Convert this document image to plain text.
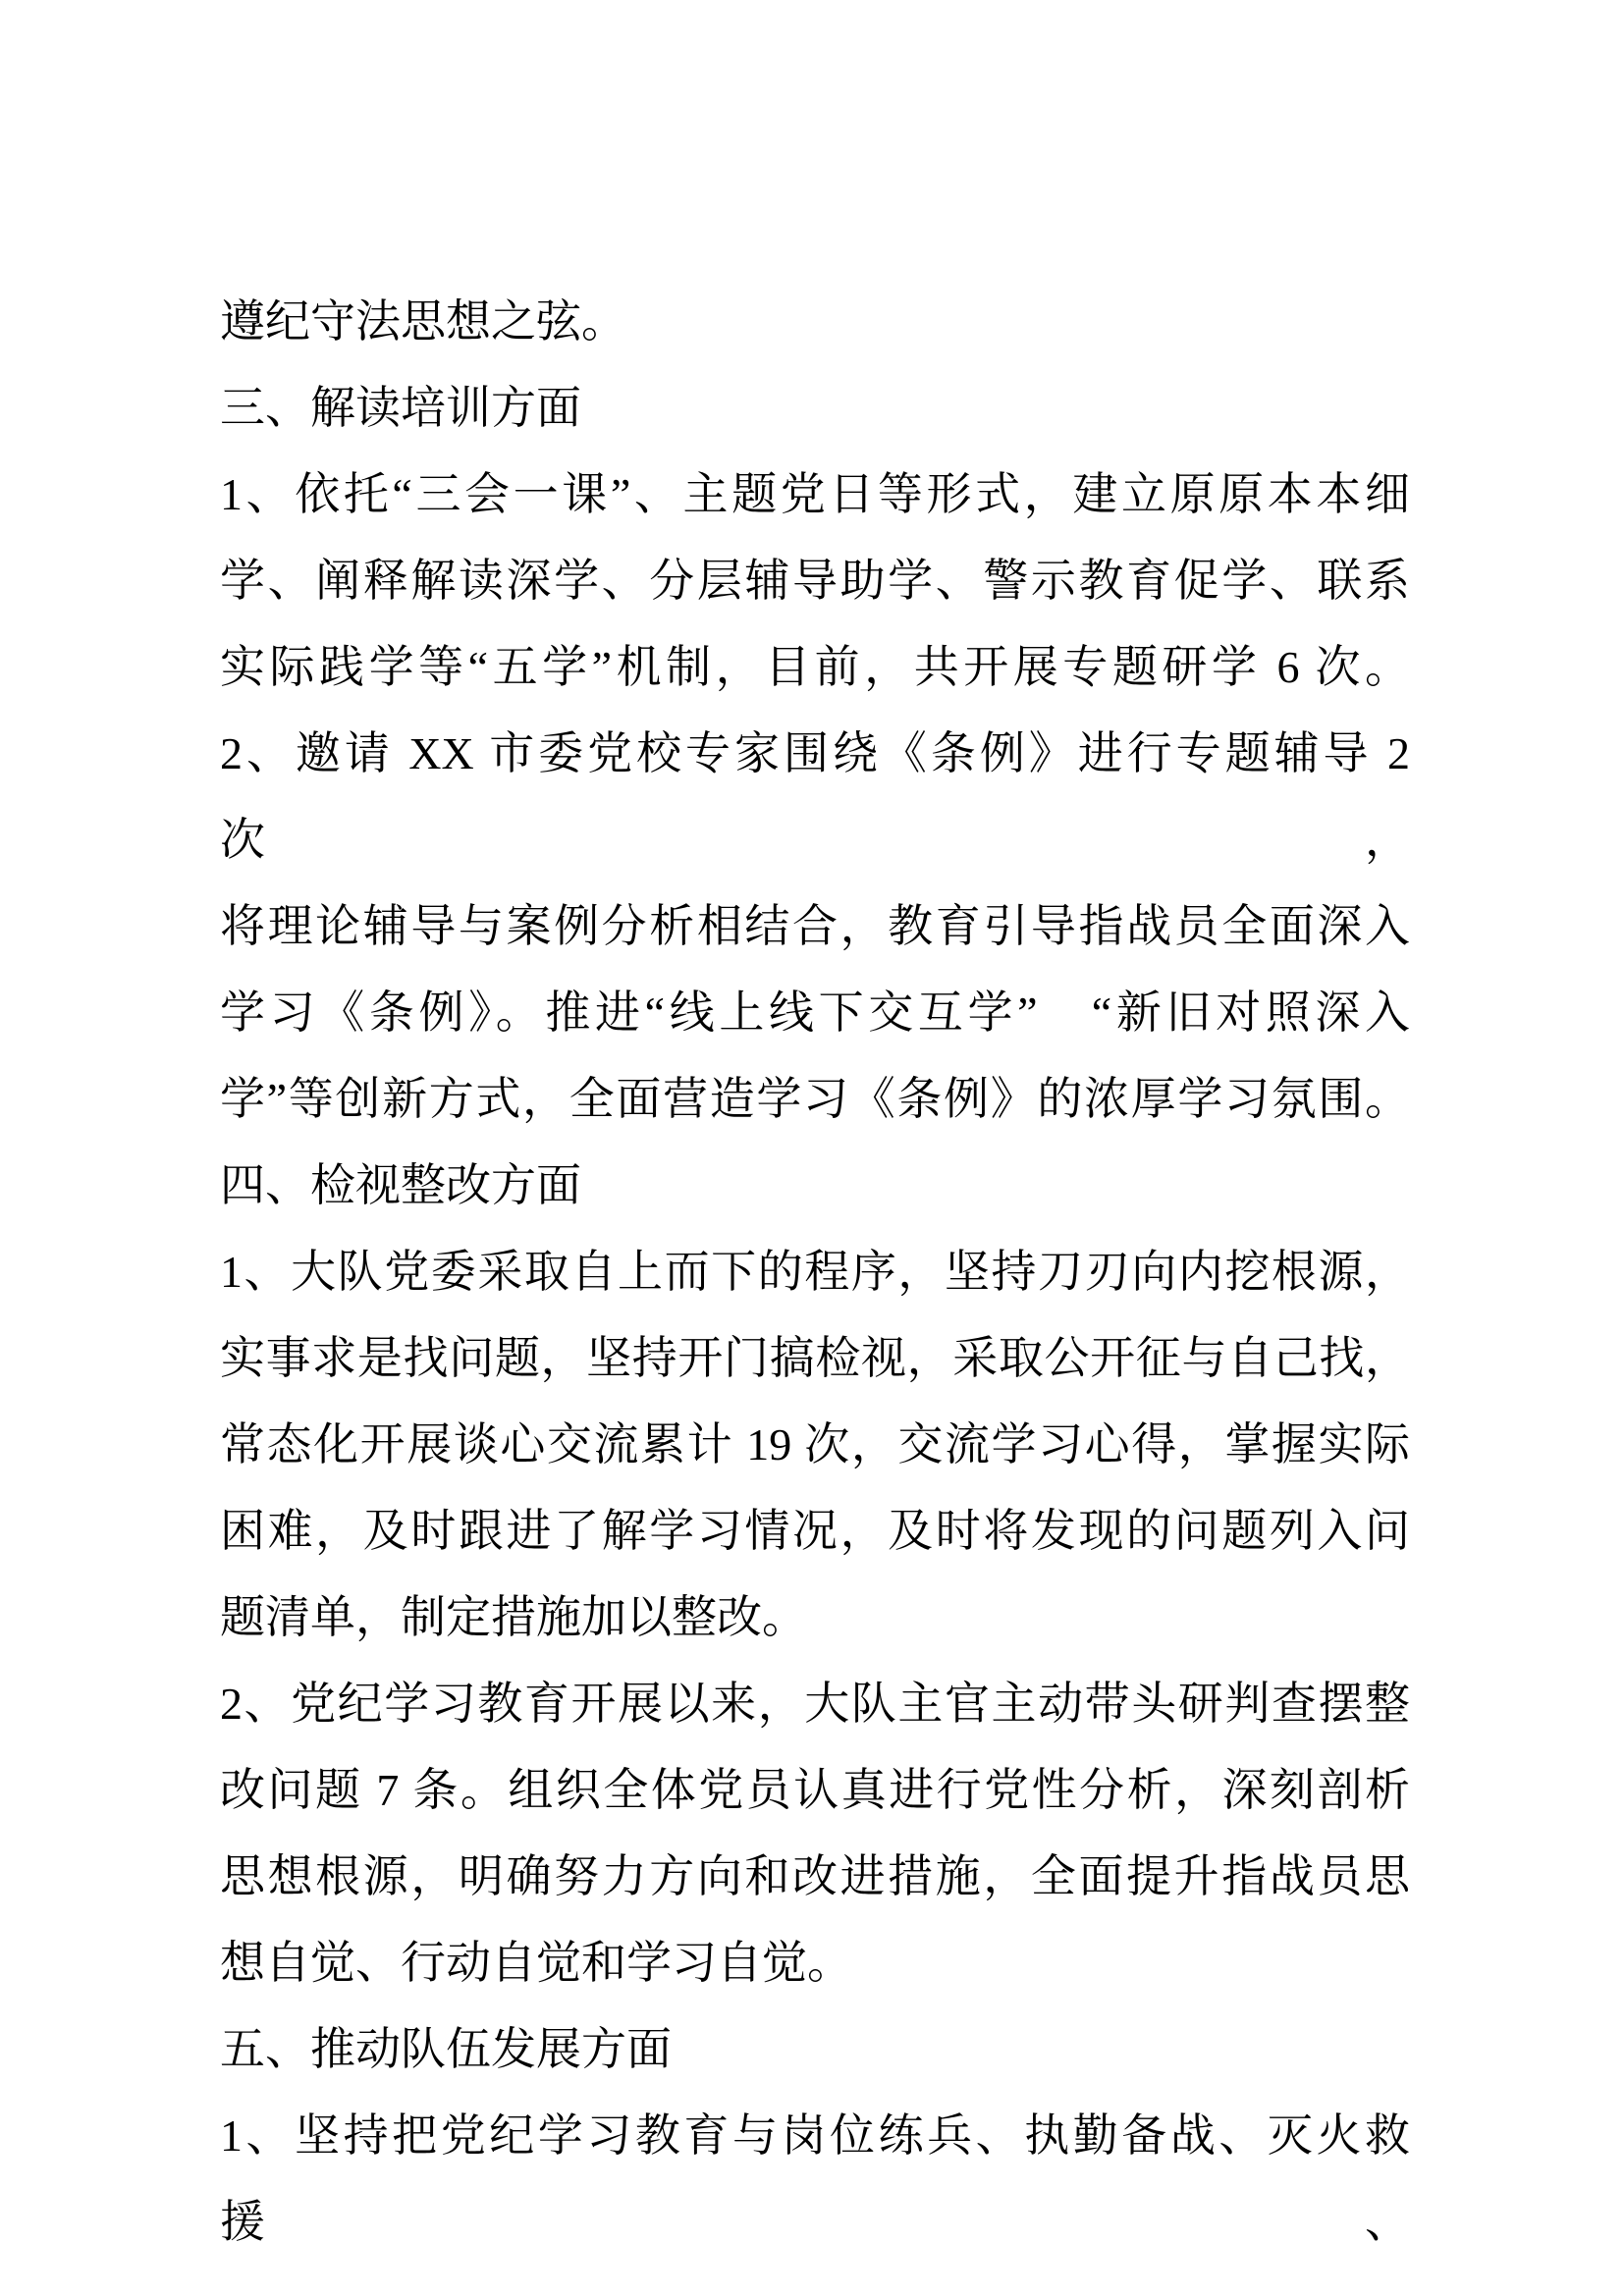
遵纪守法思想之弦。
三、解读培训方面
1、依托“三会一课”、主题党日等形式，建立原原本本细
学、阐释解读深学、分层辅导助学、警示教育促学、联系
实际践学等“五学”机制，目前，共开展专题研学 6 次。
2、邀请 XX 市委党校专家围绕《条例》进行专题辅导 2 次，
将理论辅导与案例分析相结合，教育引导指战员全面深入
学习《条例》。推进“线上线下交互学”　“新旧对照深入
学”等创新方式，全面营造学习《条例》的浓厚学习氛围。
四、检视整改方面
1、大队党委采取自上而下的程序，坚持刀刃向内挖根源，
实事求是找问题，坚持开门搞检视，采取公开征与自己找，
常态化开展谈心交流累计 19 次，交流学习心得，掌握实际
困难，及时跟进了解学习情况，及时将发现的问题列入问
题清单，制定措施加以整改。
2、党纪学习教育开展以来，大队主官主动带头研判查摆整
改问题 7 条。组织全体党员认真进行党性分析，深刻剖析
思想根源，明确努力方向和改进措施，全面提升指战员思
想自觉、行动自觉和学习自觉。
五、推动队伍发展方面
1、坚持把党纪学习教育与岗位练兵、执勤备战、灭火救援、
